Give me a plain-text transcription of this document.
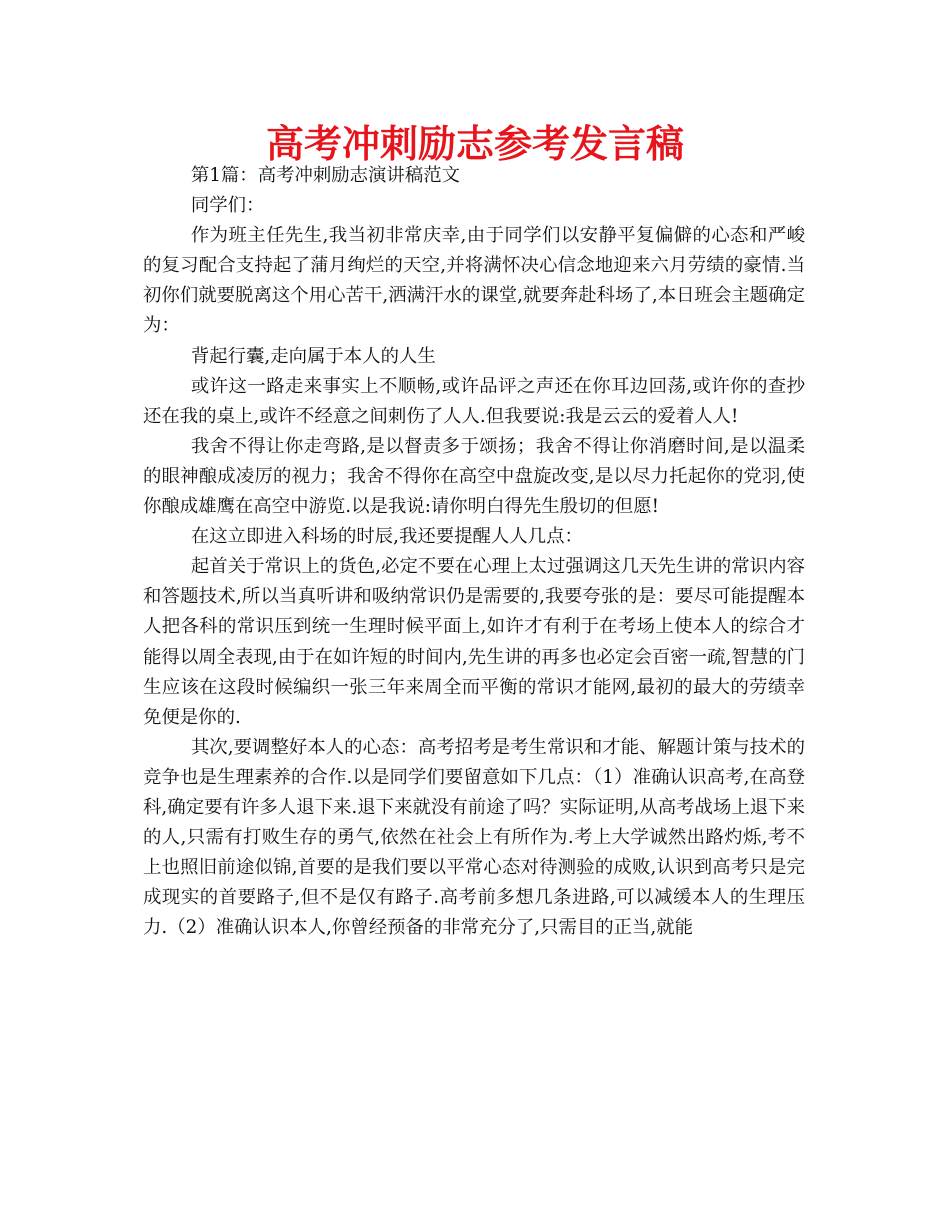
高考冲刺励志参考发言稿

第1篇：高考冲刺励志演讲稿范文

同学们：

作为班主任先生,我当初非常庆幸,由于同学们以安静平复偏僻的心态和严峻的复习配合支持起了蒲月绚烂的天空,并将满怀决心信念地迎来六月劳绩的豪情.当初你们就要脱离这个用心苦干,洒满汗水的课堂,就要奔赴科场了,本日班会主题确定为：

背起行囊,走向属于本人的人生

或许这一路走来事实上不顺畅,或许品评之声还在你耳边回荡,或许你的查抄还在我的桌上,或许不经意之间刺伤了人人.但我要说:我是云云的爱着人人!

我舍不得让你走弯路,是以督责多于颂扬；我舍不得让你消磨时间,是以温柔的眼神酿成凌厉的视力；我舍不得你在高空中盘旋改变,是以尽力托起你的党羽,使你酿成雄鹰在高空中游览.以是我说:请你明白得先生殷切的但愿!

在这立即进入科场的时辰,我还要提醒人人几点：

起首关于常识上的货色,必定不要在心理上太过强调这几天先生讲的常识内容和答题技术,所以当真听讲和吸纳常识仍是需要的,我要夸张的是：要尽可能提醒本人把各科的常识压到统一生理时候平面上,如许才有利于在考场上使本人的综合才能得以周全表现,由于在如许短的时间内,先生讲的再多也必定会百密一疏,智慧的门生应该在这段时候编织一张三年来周全而平衡的常识才能网,最初的最大的劳绩幸免便是你的.

其次,要调整好本人的心态：高考招考是考生常识和才能、解题计策与技术的竞争也是生理素养的合作.以是同学们要留意如下几点：（1）准确认识高考,在高登科,确定要有许多人退下来.退下来就没有前途了吗？实际证明,从高考战场上退下来的人,只需有打败生存的勇气,依然在社会上有所作为.考上大学诚然出路灼烁,考不上也照旧前途似锦,首要的是我们要以平常心态对待测验的成败,认识到高考只是完成现实的首要路子,但不是仅有路子.高考前多想几条进路,可以减缓本人的生理压力.（2）准确认识本人,你曾经预备的非常充分了,只需目的正当,就能
